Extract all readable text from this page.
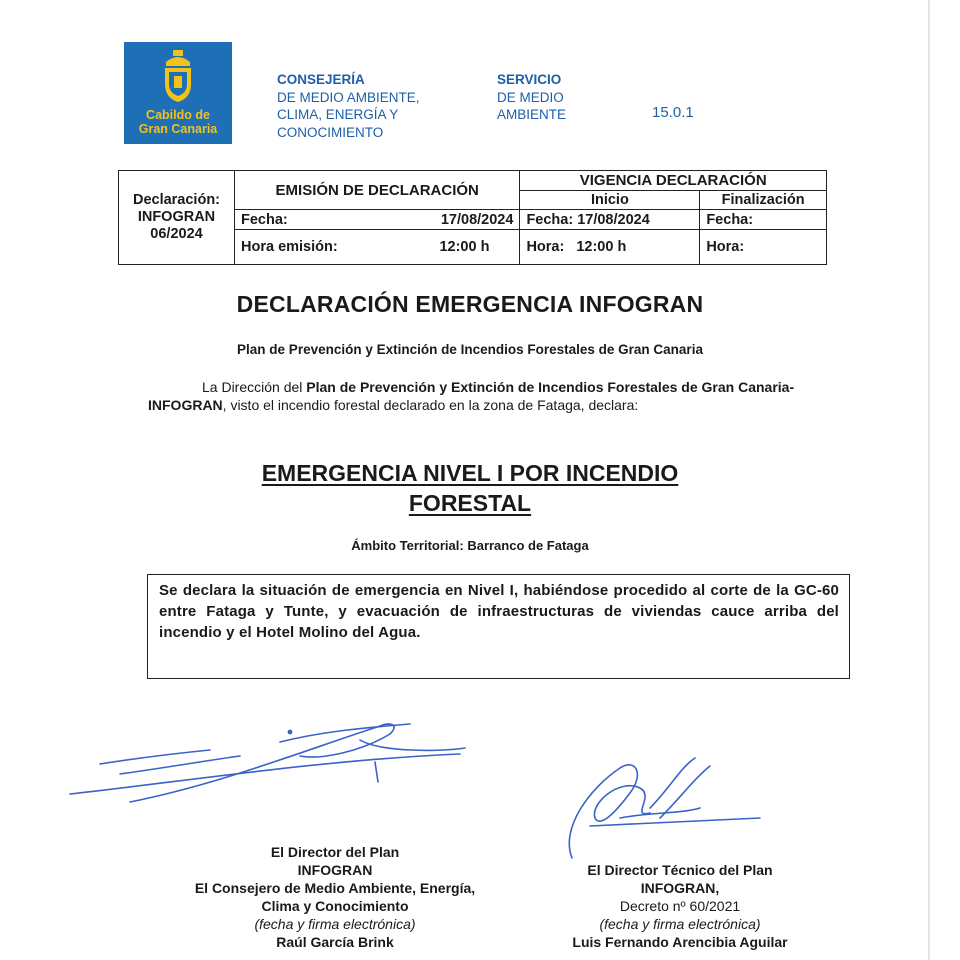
Cabildo de
Gran Canaria
CONSEJERÍA
DE MEDIO AMBIENTE,
CLIMA, ENERGÍA Y
CONOCIMIENTO
SERVICIO
DE MEDIO
AMBIENTE	15.0.1
Declaración:
INFOGRAN
06/2024	EMISIÓN DE DECLARACIÓN	VIGENCIA DECLARACIÓN	
		Inicio	Finalización

	Fecha: 17/08/2024	Fecha: 17/08/2024	Fecha:

	Hora emisión: 12:00 h	Hora: 12:00 h	Hora:
DECLARACIÓN EMERGENCIA INFOGRAN
Plan de Prevención y Extinción de Incendios Forestales de Gran Canaria
La Dirección del Plan de Prevención y Extinción de Incendios Forestales de Gran Canaria-INFOGRAN, visto el incendio forestal declarado en la zona de Fataga, declara:
EMERGENCIA NIVEL I POR INCENDIO
FORESTAL
Ámbito Territorial: Barranco de Fataga
Se declara la situación de emergencia en Nivel I, habiéndose procedido al corte de la GC-60 entre Fataga y Tunte, y evacuación de infraestructuras de viviendas cauce arriba del incendio y el Hotel Molino del Agua.
El Director del Plan
INFOGRAN
El Consejero de Medio Ambiente, Energía,
Clima y Conocimiento
(fecha y firma electrónica)
Raúl García Brink
El Director Técnico del Plan
INFOGRAN,
Decreto nº 60/2021
(fecha y firma electrónica)
Luis Fernando Arencibia Aguilar
